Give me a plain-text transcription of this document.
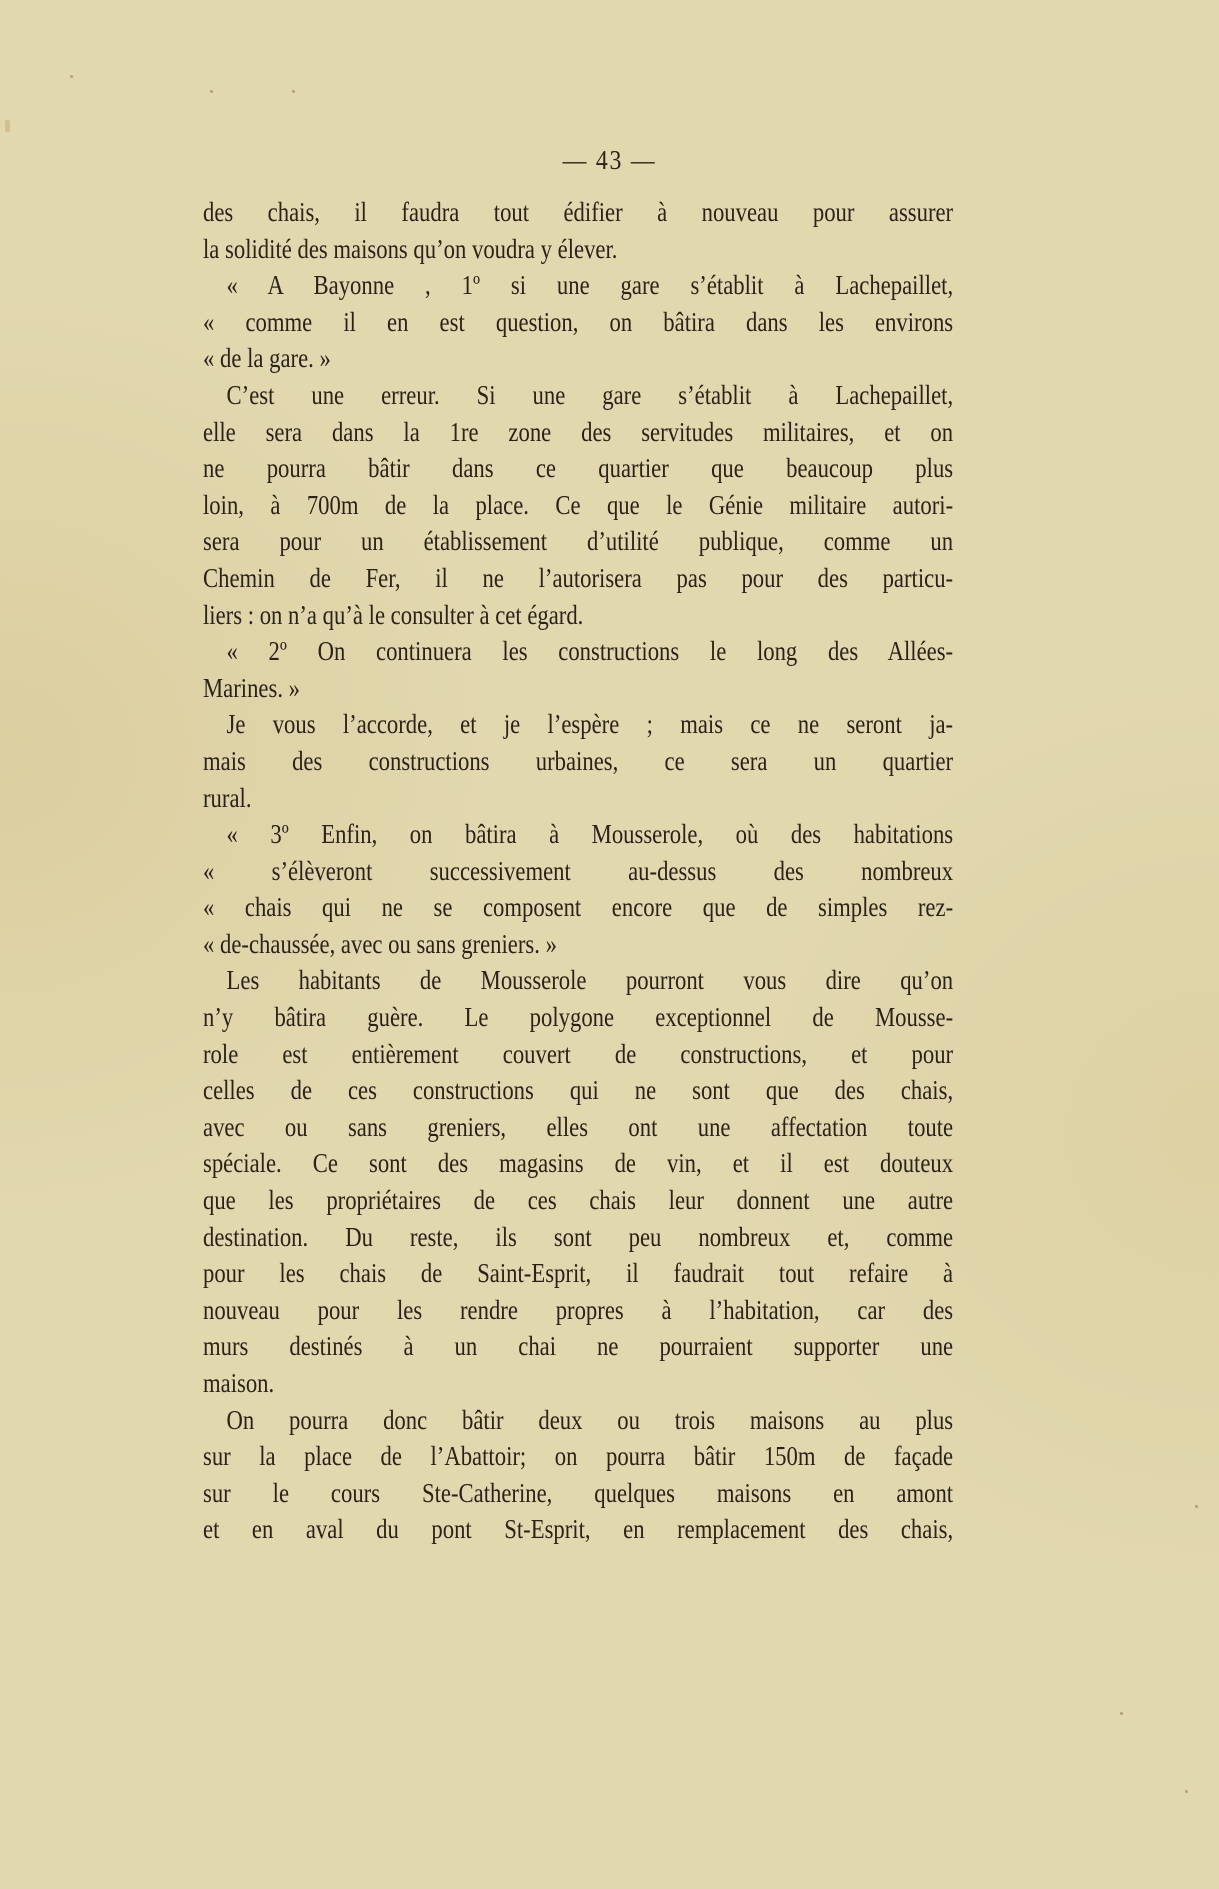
— 43 —
des chais, il faudra tout édifier à nouveau pour assurer
la solidité des maisons qu’on voudra y élever.
« A Bayonne , 1º si une gare s’établit à Lachepaillet,
« comme il en est question, on bâtira dans les environs
« de la gare. »
C’est une erreur. Si une gare s’établit à Lachepaillet,
elle sera dans la 1re zone des servitudes militaires, et on
ne pourra bâtir dans ce quartier que beaucoup plus
loin, à 700m de la place. Ce que le Génie militaire autori-
sera pour un établissement d’utilité publique, comme un
Chemin de Fer, il ne l’autorisera pas pour des particu-
liers : on n’a qu’à le consulter à cet égard.
« 2º On continuera les constructions le long des Allées-
Marines. »
Je vous l’accorde, et je l’espère ; mais ce ne seront ja-
mais des constructions urbaines, ce sera un quartier
rural.
« 3º Enfin, on bâtira à Mousserole, où des habitations
« s’élèveront successivement au-dessus des nombreux
« chais qui ne se composent encore que de simples rez-
« de-chaussée, avec ou sans greniers. »
Les habitants de Mousserole pourront vous dire qu’on
n’y bâtira guère. Le polygone exceptionnel de Mousse-
role est entièrement couvert de constructions, et pour
celles de ces constructions qui ne sont que des chais,
avec ou sans greniers, elles ont une affectation toute
spéciale. Ce sont des magasins de vin, et il est douteux
que les propriétaires de ces chais leur donnent une autre
destination. Du reste, ils sont peu nombreux et, comme
pour les chais de Saint-Esprit, il faudrait tout refaire à
nouveau pour les rendre propres à l’habitation, car des
murs destinés à un chai ne pourraient supporter une
maison.
On pourra donc bâtir deux ou trois maisons au plus
sur la place de l’Abattoir; on pourra bâtir 150m de façade
sur le cours Ste-Catherine, quelques maisons en amont
et en aval du pont St-Esprit, en remplacement des chais,
